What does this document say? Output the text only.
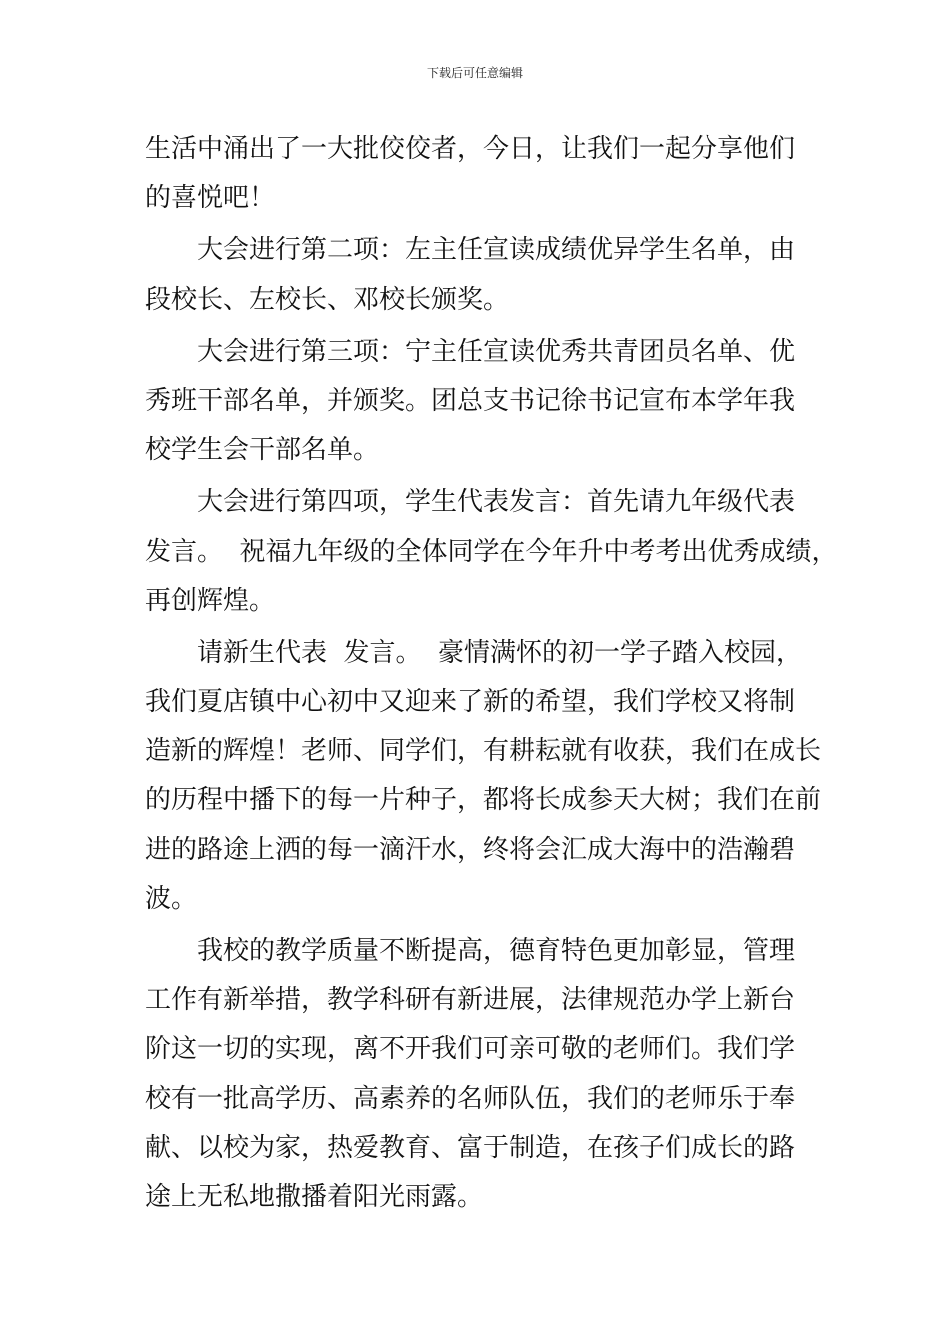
下载后可任意编辑
生活中涌出了一大批佼佼者，今日，让我们一起分享他们
的喜悦吧！
大会进行第二项：左主任宣读成绩优异学生名单，由
段校长、左校长、邓校长颁奖。
大会进行第三项：宁主任宣读优秀共青团员名单、优
秀班干部名单，并颁奖。团总支书记徐书记宣布本学年我
校学生会干部名单。
大会进行第四项，学生代表发言：首先请九年级代表
发言。  祝福九年级的全体同学在今年升中考考出优秀成绩，
再创辉煌。
请新生代表  发言。  豪情满怀的初一学子踏入校园，
我们夏店镇中心初中又迎来了新的希望，我们学校又将制
造新的辉煌！老师、同学们，有耕耘就有收获，我们在成长
的历程中播下的每一片种子，都将长成参天大树；我们在前
进的路途上洒的每一滴汗水，终将会汇成大海中的浩瀚碧
波。
我校的教学质量不断提高，德育特色更加彰显，管理
工作有新举措，教学科研有新进展，法律规范办学上新台
阶这一切的实现，离不开我们可亲可敬的老师们。我们学
校有一批高学历、高素养的名师队伍，我们的老师乐于奉
献、以校为家，热爱教育、富于制造，在孩子们成长的路
途上无私地撒播着阳光雨露。
